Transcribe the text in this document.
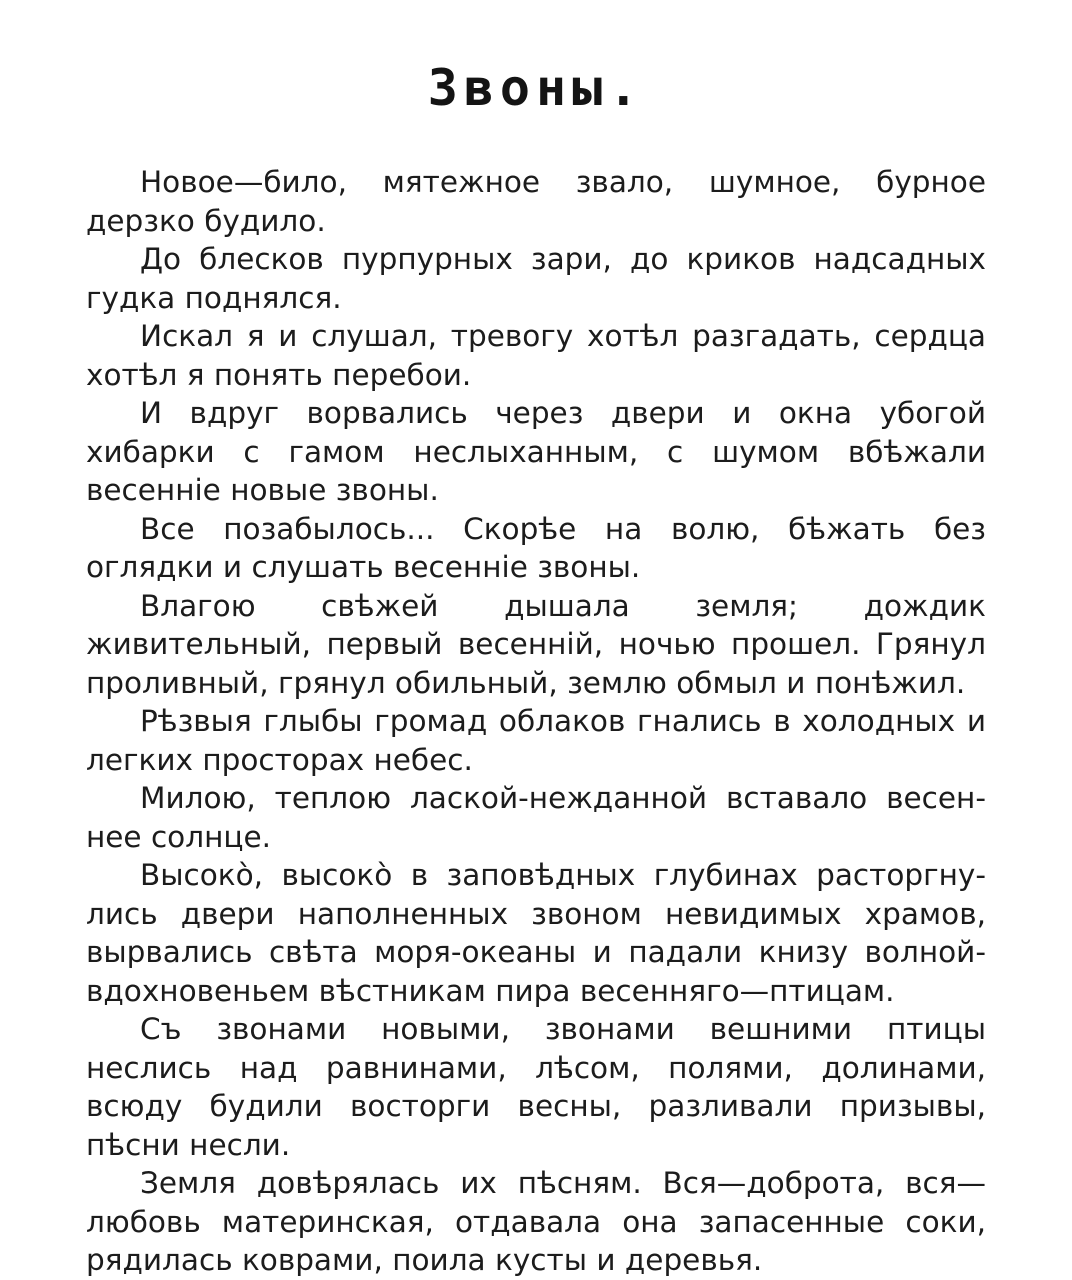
Звоны.

Новое—било, мятежное звало, шумное, бурное дерзко будило.

До блесков пурпурных зари, до криков надсадных гудка поднялся.

Искал я и слушал, тревогу хотѣл разгадать, сердца хотѣл я понять перебои.

И вдруг ворвались через двери и окна убогой хибарки с гамом неслыханным, с шумом вбѣжали весенніе новые звоны.

Все позабылось... Скорѣе на волю, бѣжать без оглядки и слушать весенніе звоны.

Влагою свѣжей дышала земля; дождик живительный, первый весенній, ночью прошел. Грянул проливный, грянул обильный, землю обмыл и понѣжил.

Рѣзвыя глыбы громад облаков гнались в холодных и легких просторах небес.

Милою, теплою лаской-нежданной вставало весеннее солнце.

Высоко̀, высоко̀ в заповѣдных глубинах расторгнулись двери наполненных звоном невидимых храмов, вырвались свѣта моря-океаны и падали книзу волнойвдохновеньем вѣстникам пира весенняго—птицам.

Съ звонами новыми, звонами вешними птицы неслись над равнинами, лѣсом, полями, долинами, всюду будили восторги весны, разливали призывы, пѣсни несли.

Земля довѣрялась их пѣсням. Вся—доброта, вся—любовь материнская, отдавала она запасенные соки, рядилась коврами, поила кусты и деревья.
